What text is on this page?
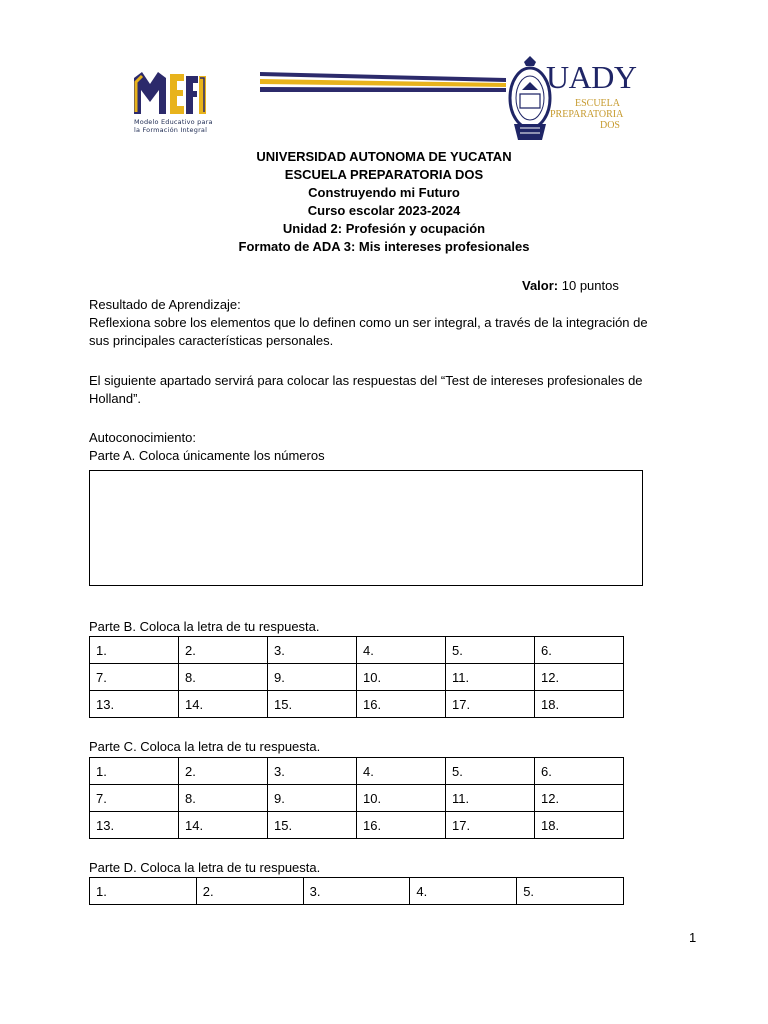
Modelo Educativo para
la Formación Integral
UADY
ESCUELA
PREPARATORIA
DOS
UNIVERSIDAD AUTONOMA DE YUCATAN
ESCUELA PREPARATORIA DOS
Construyendo mi Futuro
Curso escolar 2023-2024
Unidad 2: Profesión y ocupación
Formato de ADA 3: Mis intereses profesionales
Valor: 10 puntos
Resultado de Aprendizaje:
Reflexiona sobre los elementos que lo definen como un ser integral, a través de la integración de
sus principales características personales.
El siguiente apartado servirá para colocar las respuestas del “Test de intereses profesionales de
Holland”.
Autoconocimiento:
Parte A. Coloca únicamente los números
Parte B. Coloca la letra de tu respuesta.
1.	2.	3.	4.	5.	6.
7.	8.	9.	10.	11.	12.
13.	14.	15.	16.	17.	18.
Parte C. Coloca la letra de tu respuesta.
1.	2.	3.	4.	5.	6.
7.	8.	9.	10.	11.	12.
13.	14.	15.	16.	17.	18.
Parte D. Coloca la letra de tu respuesta.
1.	2.	3.	4.	5.
1
